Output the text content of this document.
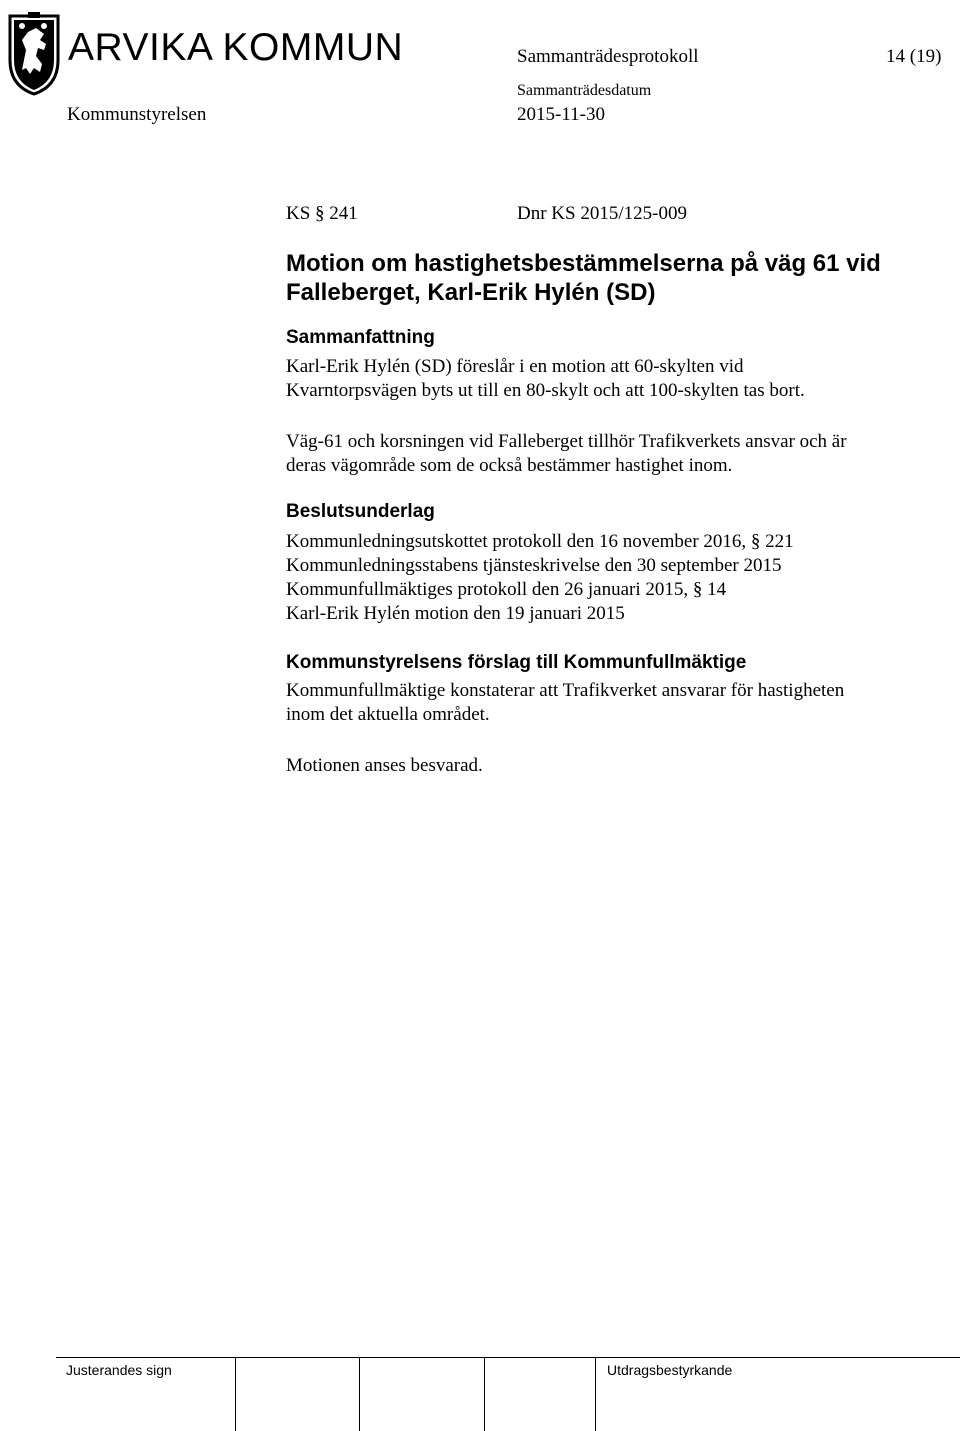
ARVIKA KOMMUN	Sammanträdesprotokoll	14 (19)
Sammanträdesdatum
Kommunstyrelsen	2015-11-30
KS § 241	Dnr KS 2015/125-009
Motion om hastighetsbestämmelserna på väg 61 vid
Falleberget, Karl-Erik Hylén (SD)
Sammanfattning
Karl-Erik Hylén (SD) föreslår i en motion att 60-skylten vid
Kvarntorpsvägen byts ut till en 80-skylt och att 100-skylten tas bort.
Väg-61 och korsningen vid Falleberget tillhör Trafikverkets ansvar och är
deras vägområde som de också bestämmer hastighet inom.
Beslutsunderlag
Kommunledningsutskottet protokoll den 16 november 2016, § 221
Kommunledningsstabens tjänsteskrivelse den 30 september 2015
Kommunfullmäktiges protokoll den 26 januari 2015, § 14
Karl-Erik Hylén motion den 19 januari 2015
Kommunstyrelsens förslag till Kommunfullmäktige
Kommunfullmäktige konstaterar att Trafikverket ansvarar för hastigheten
inom det aktuella området.
Motionen anses besvarad.
Justerandes sign	Utdragsbestyrkande
